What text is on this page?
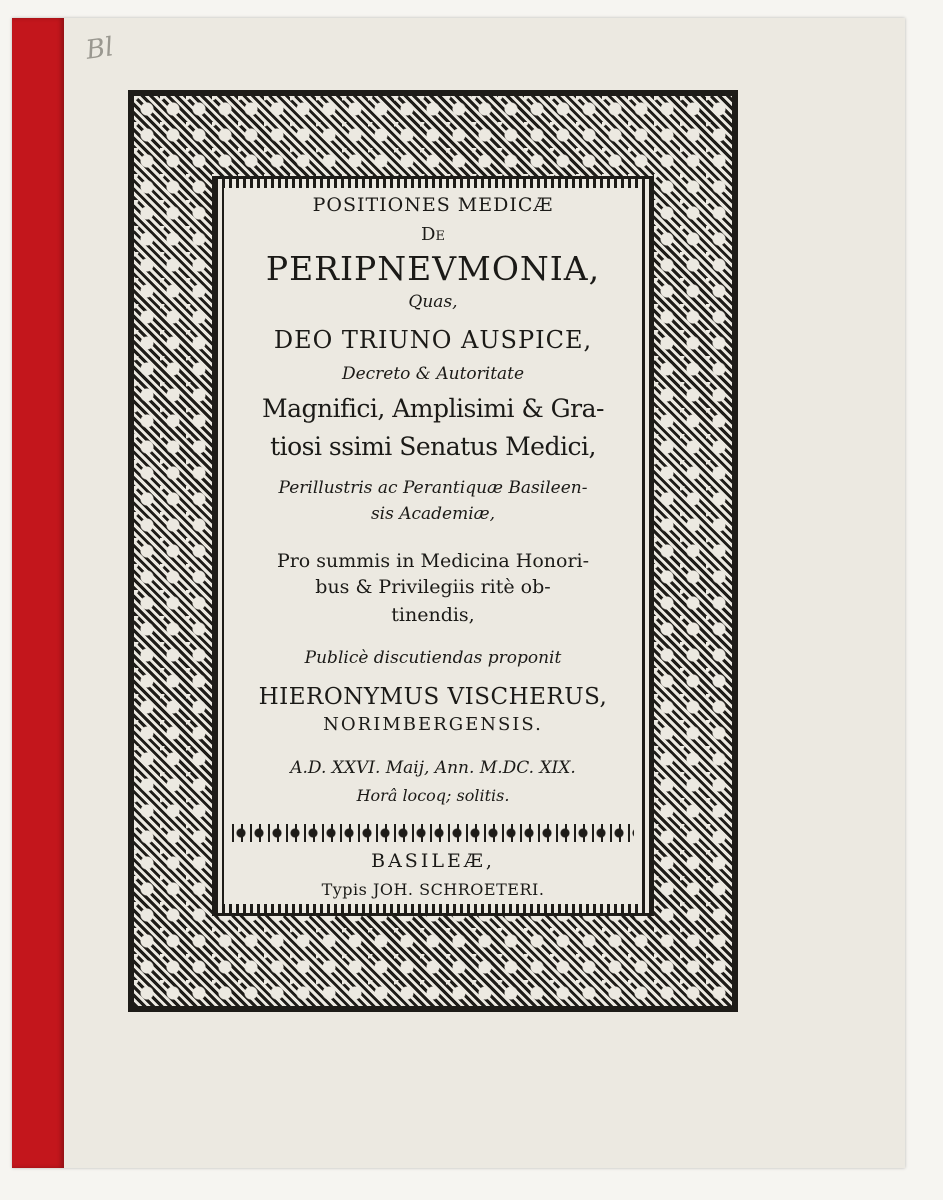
Bl
POSITIONES MEDICÆ
De
PERIPNEVMONIA,
Quas,
DEO TRIUNO AUSPICE,
Decreto & Autoritate
Magnifici, Amplisimi & Gra-
tiosi ssimi Senatus Medici,
Perillustris ac Perantiquæ Basileen-
sis Academiæ,
Pro summis in Medicina Honori-
bus & Privilegiis ritè ob-
tinendis,
Publicè discutiendas proponit
HIERONYMUS VISCHERUS,
NORIMBERGENSIS.
A.D. XXVI. Maij, Ann. M.DC. XIX.
Horâ locoq; solitis.
BASILEÆ,
Typis JOH. SCHROETERI.
